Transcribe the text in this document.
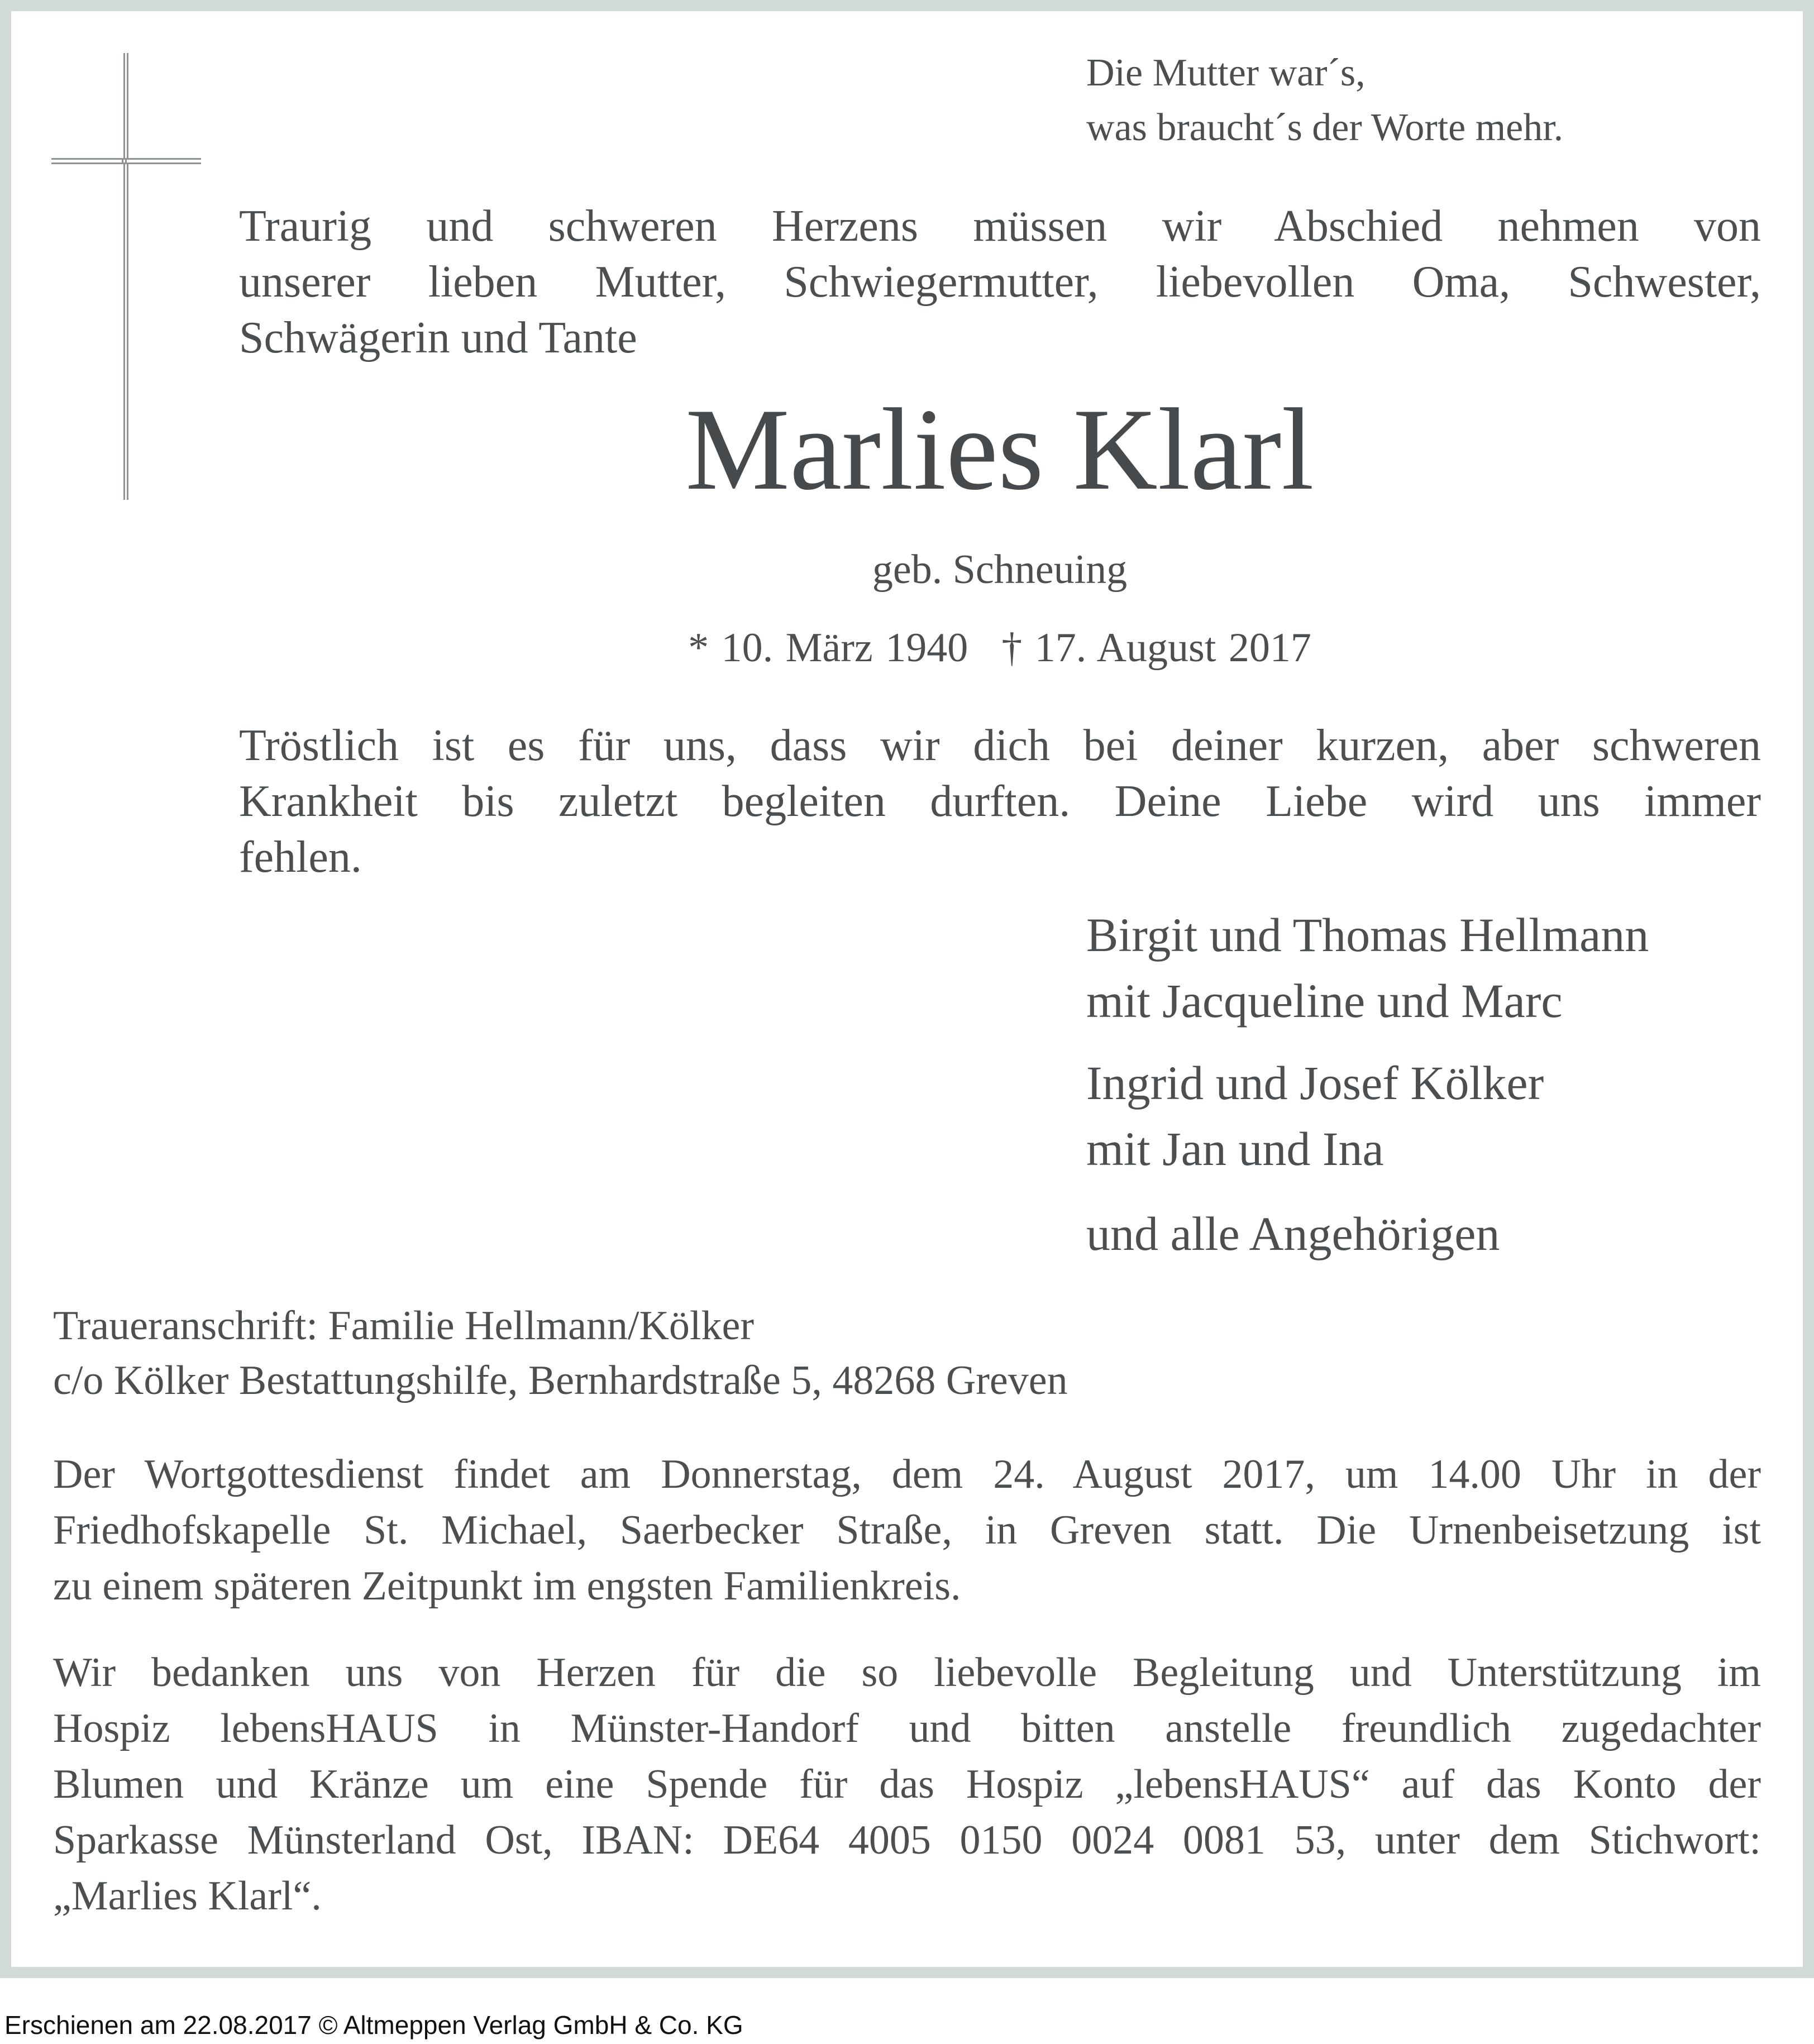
Die Mutter war´s,
was braucht´s der Worte mehr.
Traurig und schweren Herzens müssen wir Abschied nehmen von
unserer lieben Mutter, Schwiegermutter, liebevollen Oma, Schwester,
Schwägerin und Tante
Marlies Klarl
geb. Schneuing
* 10. März 1940 † 17. August 2017
Tröstlich ist es für uns, dass wir dich bei deiner kurzen, aber schweren
Krankheit bis zuletzt begleiten durften. Deine Liebe wird uns immer
fehlen.
Birgit und Thomas Hellmann
mit Jacqueline und Marc
Ingrid und Josef Kölker
mit Jan und Ina
und alle Angehörigen
Traueranschrift: Familie Hellmann/Kölker
c/o Kölker Bestattungshilfe, Bernhardstraße 5, 48268 Greven
Der Wortgottesdienst findet am Donnerstag, dem 24. August 2017, um 14.00 Uhr in der
Friedhofskapelle St. Michael, Saerbecker Straße, in Greven statt. Die Urnenbeisetzung ist
zu einem späteren Zeitpunkt im engsten Familienkreis.
Wir bedanken uns von Herzen für die so liebevolle Begleitung und Unterstützung im
Hospiz lebensHAUS in Münster-Handorf und bitten anstelle freundlich zugedachter
Blumen und Kränze um eine Spende für das Hospiz „lebensHAUS“ auf das Konto der
Sparkasse Münsterland Ost, IBAN: DE64 4005 0150 0024 0081 53, unter dem Stichwort:
„Marlies Klarl“.
Erschienen am 22.08.2017 © Altmeppen Verlag GmbH & Co. KG
